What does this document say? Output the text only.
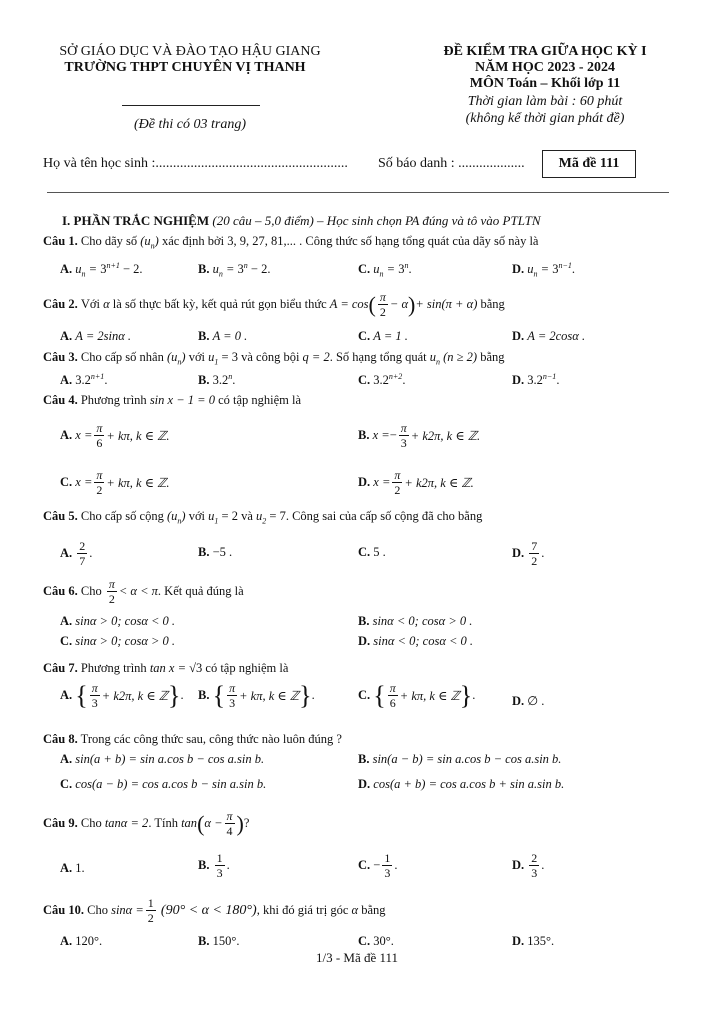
SỞ GIÁO DỤC VÀ ĐÀO TẠO HẬU GIANG
TRƯỜNG THPT CHUYÊN VỊ THANH
(Đề thi có 03 trang)
ĐỀ KIỂM TRA GIỮA HỌC KỲ I
NĂM HỌC 2023 - 2024
MÔN Toán – Khối lớp 11
Thời gian làm bài : 60 phút
(không kể thời gian phát đề)
Họ và tên học sinh :....................................................... Số báo danh : ................... Mã đề 111
I. PHẦN TRẮC NGHIỆM (20 câu – 5,0 điểm) – Học sinh chọn PA đúng và tô vào PTLTN
Câu 1. Cho dãy số $(u_n)$ xác định bởi 3, 9, 27, 81,... . Công thức số hạng tổng quát của dãy số này là
A. $u_n = 3^{n+1} - 2$.	B. $u_n = 3^n - 2$.	C. $u_n = 3^n$.	D. $u_n = 3^{n-1}$.
Câu 2.
Với
α
là số thực bất kỳ, kết quả rút gọn biểu thức
A = cos ( $\frac{\pi}{2} - \alpha$ ) + sin (π + α)
bằng
A. A = 2sinα .	B. A = 0 .	C. A = 1 .	D. A = 2cosα .
Câu 3. Cho cấp số nhân $(u_n)$ với $u_1 = 3$ và công bội q = 2. Số hạng tổng quát $u_n$ (n ≥ 2) bằng
A. $3.2^{n+1}$.	B. 3.2$^n$.	C. $3.2^{n+2}$.	D. $3.2^{n-1}$.
Câu 4. Phương trình sin x − 1 = 0 có tập nghiệm là
A.
$x = \frac{\pi}{6} + k\pi$, k ∈ ℤ.	B.
x = − $\frac{\pi}{3} + k2\pi$, k ∈ ℤ.
C.
$x = \frac{\pi}{2} + k\pi$, k ∈ ℤ.	D.
$x = \frac{\pi}{2} + k2\pi$, k ∈ ℤ.
Câu 5. Cho cấp số cộng $(u_n)$ với $u_1 = 2$ và $u_2 = 7$. Công sai của cấp số cộng đã cho bằng
A.
$\frac{2}{7}$ .	B. −5 .	C. 5 .	D.
$\frac{7}{2}$ .
Câu 6.
Cho
$\frac{\pi}{2} < \alpha < \pi$ . Kết quả đúng là
A. sinα > 0; cosα < 0 .	B. sinα < 0; cosα > 0 .
C. sinα > 0; cosα > 0 .	D. sinα < 0; cosα < 0 .
Câu 7. Phương trình tan x = √3 có tập nghiệm là
A.
{ $\frac{\pi}{3} + k2\pi$, k ∈ ℤ } . B.
{ $\frac{\pi}{3} + k\pi$, k ∈ ℤ } .	C.
{ $\frac{\pi}{6} + k\pi$, k ∈ ℤ } .	D. ∅ .
Câu 8. Trong các công thức sau, công thức nào luôn đúng ?
A. sin(a + b) = sin a.cos b − cos a.sin b.	B. sin(a − b) = sin a.cos b − cos a.sin b.
C. cos(a − b) = cos a.cos b − sin a.sin b.	D. cos(a + b) = cos a.cos b + sin a.sin b.
Câu 9.
Cho
tanα = 2 . Tính
tan ( $\alpha - \frac{\pi}{4}$ ) ?
A. 1.	B.
$\frac{1}{3}$ .	C.
− $\frac{1}{3}$ .	D.
$\frac{2}{3}$ .
Câu 10.
Cho
$\sin\alpha = \frac{1}{2}$
(90° < α < 180°) , khi đó giá trị góc
α
bằng
A. 120°.	B. 150°.	C. 30°.	D. 135°.
1/3 - Mã đề 111
